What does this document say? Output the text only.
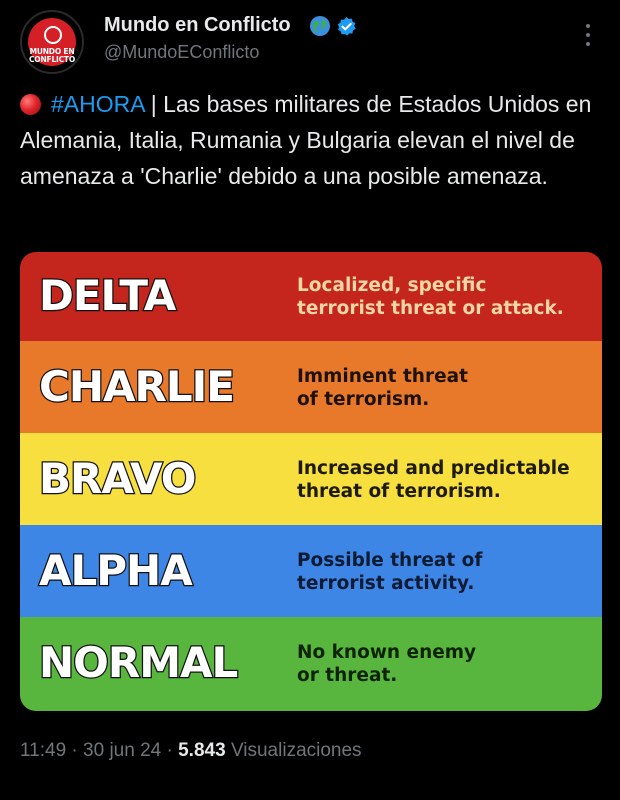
MUNDO EN CONFLICTO
Mundo en Conflicto
@MundoEConflicto
#AHORA | Las bases militares de Estados Unidos en Alemania, Italia, Rumania y Bulgaria elevan el nivel de amenaza a 'Charlie' debido a una posible amenaza.
DELTA	Localized, specific
terrorist threat or attack.
CHARLIE	Imminent threat
of terrorism.
BRAVO	Increased and predictable
threat of terrorism.
ALPHA	Possible threat of
terrorist activity.
NORMAL	No known enemy
or threat.
11:49 · 30 jun 24 · 5.843 Visualizaciones
